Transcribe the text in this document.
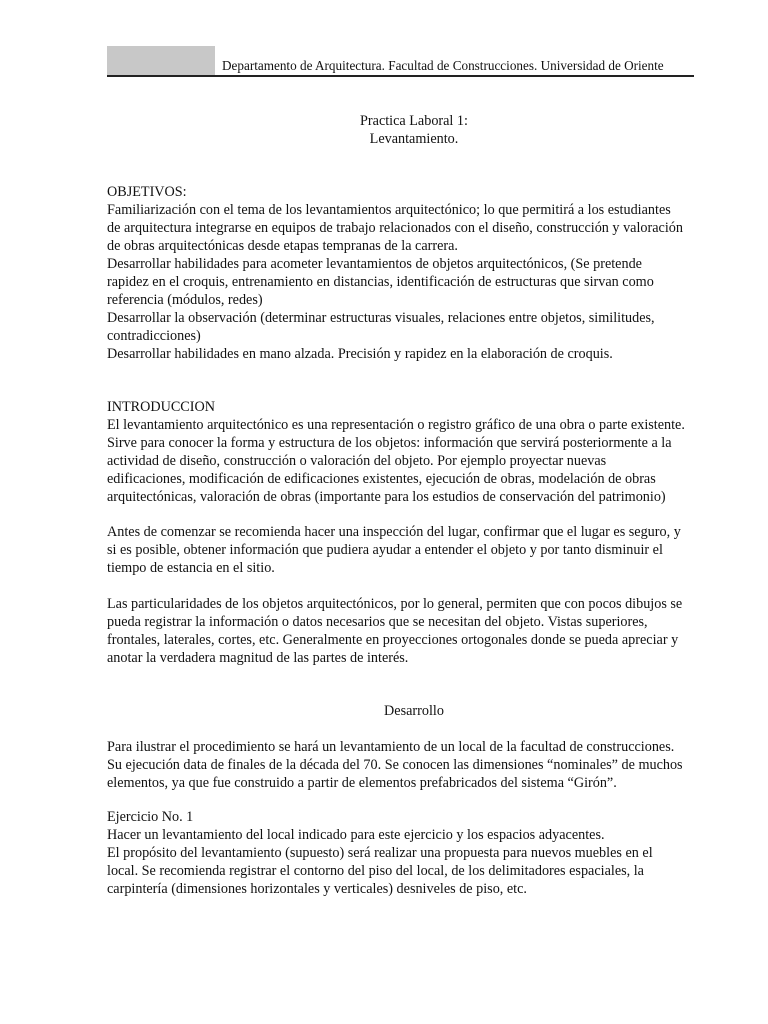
Departamento de Arquitectura. Facultad de Construcciones. Universidad de Oriente
Practica Laboral 1:
Levantamiento.
OBJETIVOS:
Familiarización con el tema de los levantamientos arquitectónico; lo que permitirá a los estudiantes
de arquitectura integrarse en equipos de trabajo relacionados con el diseño, construcción y valoración
de obras arquitectónicas desde etapas tempranas de la carrera.
Desarrollar habilidades para acometer levantamientos de objetos arquitectónicos, (Se pretende
rapidez en el croquis, entrenamiento en distancias, identificación de estructuras que sirvan como
referencia (módulos, redes)
Desarrollar la observación (determinar estructuras visuales, relaciones entre objetos, similitudes,
contradicciones)
Desarrollar habilidades en mano alzada. Precisión y rapidez en la elaboración de croquis.
INTRODUCCION
El levantamiento arquitectónico es una representación o registro gráfico de una obra o parte existente.
Sirve para conocer la forma y estructura de los objetos: información que servirá posteriormente a la
actividad de diseño, construcción o valoración del objeto. Por ejemplo proyectar nuevas
edificaciones, modificación de edificaciones existentes, ejecución de obras, modelación de obras
arquitectónicas, valoración de obras (importante para los estudios de conservación del patrimonio)
Antes de comenzar se recomienda hacer una inspección del lugar, confirmar que el lugar es seguro, y
si es posible, obtener información que pudiera ayudar a entender el objeto y por tanto disminuir el
tiempo de estancia en el sitio.
Las particularidades de los objetos arquitectónicos, por lo general, permiten que con pocos dibujos se
pueda registrar la información o datos necesarios que se necesitan del objeto. Vistas superiores,
frontales, laterales, cortes, etc. Generalmente en proyecciones ortogonales donde se pueda apreciar y
anotar la verdadera magnitud de las partes de interés.
Desarrollo
Para ilustrar el procedimiento se hará un levantamiento de un local de la facultad de construcciones.
Su ejecución data de finales de la década del 70. Se conocen las dimensiones “nominales” de muchos
elementos, ya que fue construido a partir de elementos prefabricados del sistema “Girón”.
Ejercicio No. 1
Hacer un levantamiento del local indicado para este ejercicio y los espacios adyacentes.
El propósito del levantamiento (supuesto) será realizar una propuesta para nuevos muebles en el
local. Se recomienda registrar el contorno del piso del local, de los delimitadores espaciales, la
carpintería (dimensiones horizontales y verticales) desniveles de piso, etc.
